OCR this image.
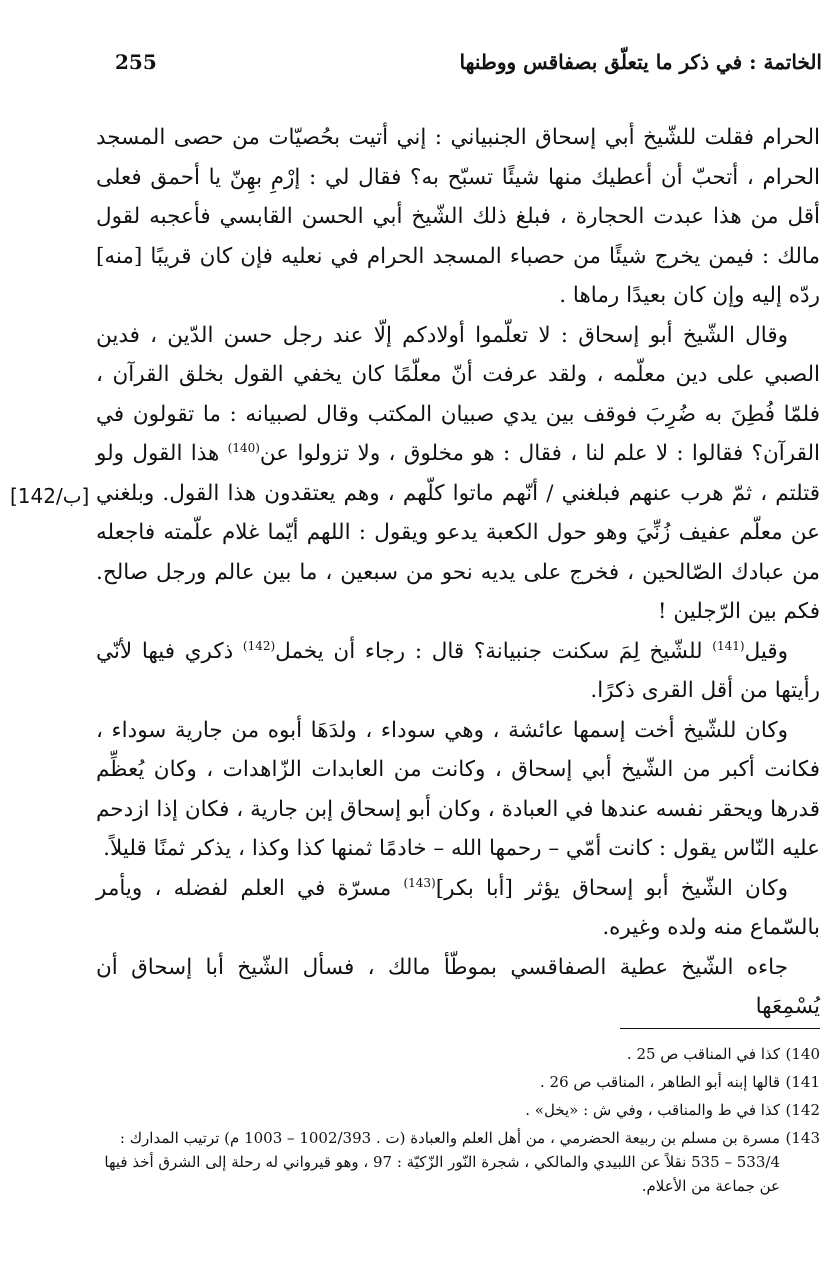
255	الخاتمة : في ذكر ما يتعلّق بصفاقس ووطنها

الحرام فقلت للشّيخ أبي إسحاق الجنبياني : إني أتيت بحُصيّات من حصى المسجد الحرام ، أتحبّ أن أعطيك منها شيئًا تسبّح به؟ فقال لي : إرْمِ بهِنّ يا أحمق فعلى أقل من هذا عبدت الحجارة ، فبلغ ذلك الشّيخ أبي الحسن القابسي فأعجبه لقول مالك : فيمن يخرج شيئًا من حصباء المسجد الحرام في نعليه فإن كان قريبًا [منه] ردّه إليه وإن كان بعيدًا رماها .

وقال الشّيخ أبو إسحاق : لا تعلّموا أولادكم إلّا عند رجل حسن الدّين ، فدين الصبي على دين معلّمه ، ولقد عرفت أنّ معلّمًا كان يخفي القول بخلق القرآن ، فلمّا فُطِنَ به ضُرِبَ فوقف بين يدي صبيان المكتب وقال لصبيانه : ما تقولون في القرآن؟ فقالوا : لا علم لنا ، فقال : هو مخلوق ، ولا تزولوا عن$^{(140)}$ هذا القول ولو قتلتم ، ثمّ هرب عنهم فبلغني / أنّهم ماتوا كلّهم ، وهم يعتقدون هذا القول. وبلغني عن معلّم عفيف زُنِّيَ وهو حول الكعبة يدعو ويقول : اللهم أيّما غلام علّمته فاجعله من عبادك الصّالحين ، فخرج على يديه نحو من سبعين ، ما بين عالم ورجل صالح. فكم بين الرّجلين !

وقيل$^{(141)}$ للشّيخ لِمَ سكنت جنبيانة؟ قال : رجاء أن يخمل$^{(142)}$ ذكري فيها لأنّي رأيتها من أقل القرى ذكرًا.

وكان للشّيخ أخت إسمها عائشة ، وهي سوداء ، ولدَهَا أبوه من جارية سوداء ، فكانت أكبر من الشّيخ أبي إسحاق ، وكانت من العابدات الزّاهدات ، وكان يُعظِّم قدرها ويحقر نفسه عندها في العبادة ، وكان أبو إسحاق إبن جارية ، فكان إذا ازدحم عليه النّاس يقول : كانت أمّي – رحمها الله – خادمًا ثمنها كذا وكذا ، يذكر ثمنًا قليلاً.

وكان الشّيخ أبو إسحاق يؤثر [أبا بكر]$^{(143)}$ مسرّة في العلم لفضله ، ويأمر بالسّماع منه ولده وغيره.

جاءه الشّيخ عطية الصفاقسي بموطّأ مالك ، فسأل الشّيخ أبا إسحاق أن يُسْمِعَها

[142/ب]
(140
كذا في المناقب ص 25 .
(141
قالها إبنه أبو الطاهر ، المناقب ص 26 .
(142
كذا في ط والمناقب ، وفي ش : «يخل» .
(143
مسرة بن مسلم بن ربيعة الحضرمي ، من أهل العلم والعبادة (ت . 1002/393 – 1003 م) ترتيب المدارك : 533/4 – 535 نقلاً عن اللبيدي والمالكي ، شجرة النّور الزّكيّة : 97 ، وهو قيرواني له رحلة إلى الشرق أخذ فيها عن جماعة من الأعلام.
